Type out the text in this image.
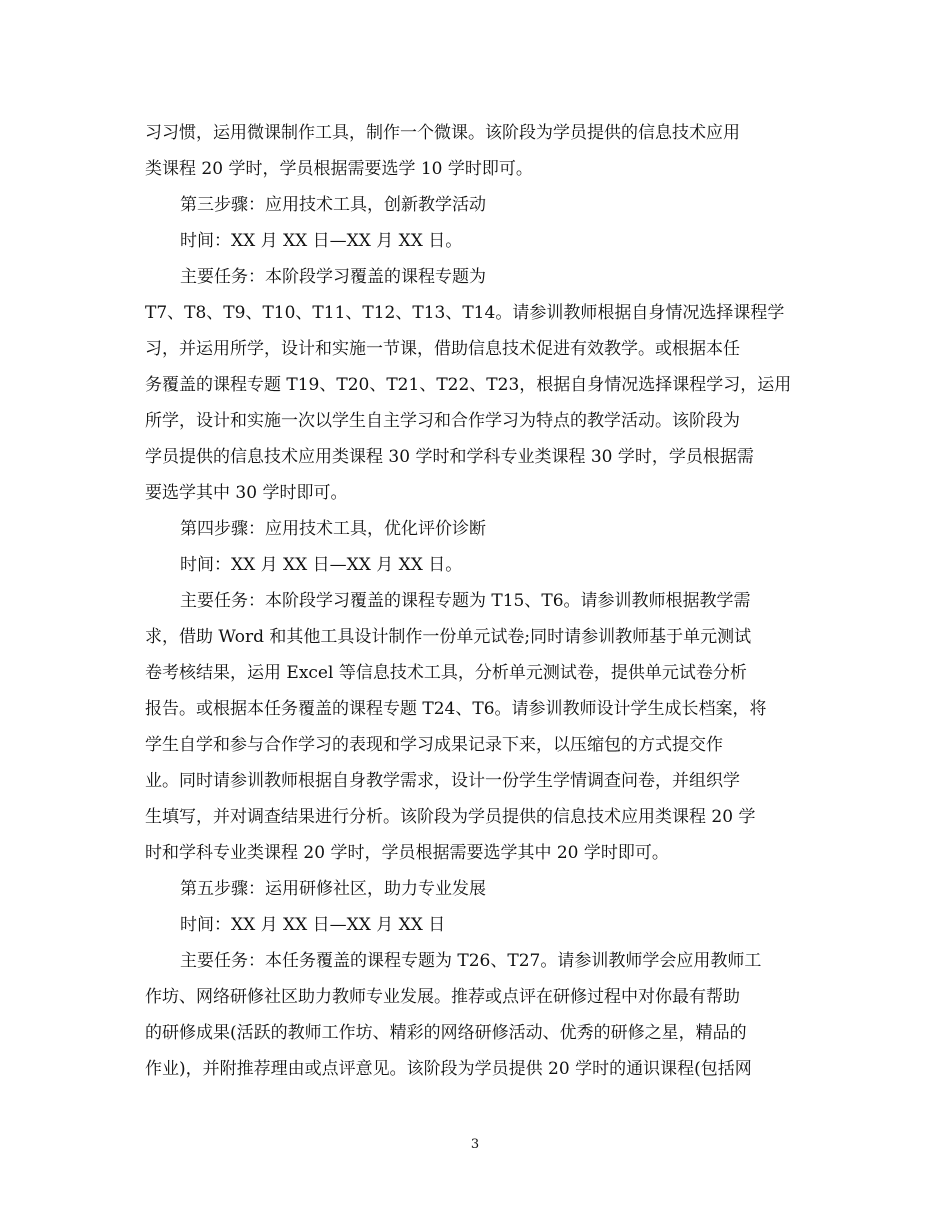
习习惯，运用微课制作工具，制作一个微课。该阶段为学员提供的信息技术应用
类课程 20 学时，学员根据需要选学 10 学时即可。
第三步骤：应用技术工具，创新教学活动
时间：XX 月 XX 日—XX 月 XX 日。
主要任务：本阶段学习覆盖的课程专题为
T7、T8、T9、T10、T11、T12、T13、T14。请参训教师根据自身情况选择课程学
习，并运用所学，设计和实施一节课，借助信息技术促进有效教学。或根据本任
务覆盖的课程专题 T19、T20、T21、T22、T23，根据自身情况选择课程学习，运用
所学，设计和实施一次以学生自主学习和合作学习为特点的教学活动。该阶段为
学员提供的信息技术应用类课程 30 学时和学科专业类课程 30 学时，学员根据需
要选学其中 30 学时即可。
第四步骤：应用技术工具，优化评价诊断
时间：XX 月 XX 日—XX 月 XX 日。
主要任务：本阶段学习覆盖的课程专题为 T15、T6。请参训教师根据教学需
求，借助 Word 和其他工具设计制作一份单元试卷;同时请参训教师基于单元测试
卷考核结果，运用 Excel 等信息技术工具，分析单元测试卷，提供单元试卷分析
报告。或根据本任务覆盖的课程专题 T24、T6。请参训教师设计学生成长档案，将
学生自学和参与合作学习的表现和学习成果记录下来，以压缩包的方式提交作
业。同时请参训教师根据自身教学需求，设计一份学生学情调查问卷，并组织学
生填写，并对调查结果进行分析。该阶段为学员提供的信息技术应用类课程 20 学
时和学科专业类课程 20 学时，学员根据需要选学其中 20 学时即可。
第五步骤：运用研修社区，助力专业发展
时间：XX 月 XX 日—XX 月 XX 日
主要任务：本任务覆盖的课程专题为 T26、T27。请参训教师学会应用教师工
作坊、网络研修社区助力教师专业发展。推荐或点评在研修过程中对你最有帮助
的研修成果(活跃的教师工作坊、精彩的网络研修活动、优秀的研修之星，精品的
作业)，并附推荐理由或点评意见。该阶段为学员提供 20 学时的通识课程(包括网
3
